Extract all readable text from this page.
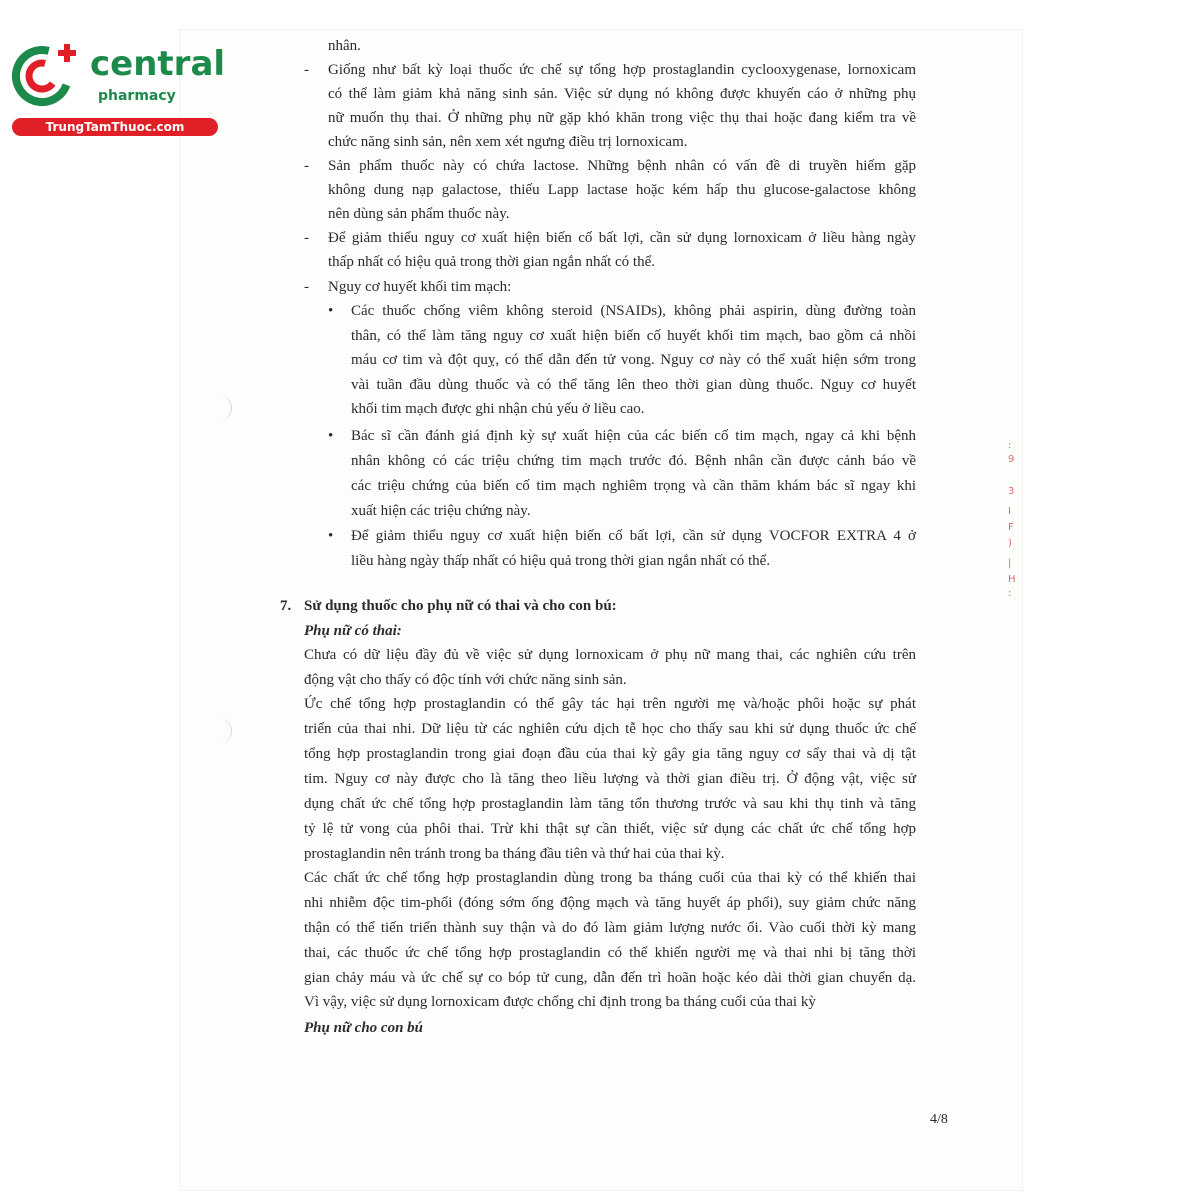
central
pharmacy
TrungTamThuoc.com
nhân.
- Giống như bất kỳ loại thuốc ức chế sự tổng hợp prostaglandin cyclooxygenase, lornoxicam
có thể làm giảm khả năng sinh sản. Việc sử dụng nó không được khuyến cáo ở những phụ
nữ muốn thụ thai. Ở những phụ nữ gặp khó khăn trong việc thụ thai hoặc đang kiểm tra về
chức năng sinh sản, nên xem xét ngưng điều trị lornoxicam.
- Sản phẩm thuốc này có chứa lactose. Những bệnh nhân có vấn đề di truyền hiếm gặp
không dung nạp galactose, thiếu Lapp lactase hoặc kém hấp thu glucose-galactose không
nên dùng sản phẩm thuốc này.
- Để giảm thiểu nguy cơ xuất hiện biến cố bất lợi, cần sử dụng lornoxicam ở liều hàng ngày
thấp nhất có hiệu quả trong thời gian ngắn nhất có thể.
- Nguy cơ huyết khối tim mạch:
• Các thuốc chống viêm không steroid (NSAIDs), không phải aspirin, dùng đường toàn
thân, có thể làm tăng nguy cơ xuất hiện biến cố huyết khối tim mạch, bao gồm cả nhồi
máu cơ tim và đột quỵ, có thể dẫn đến tử vong. Nguy cơ này có thể xuất hiện sớm trong
vài tuần đầu dùng thuốc và có thể tăng lên theo thời gian dùng thuốc. Nguy cơ huyết
khối tim mạch được ghi nhận chủ yếu ở liều cao.
• Bác sĩ cần đánh giá định kỳ sự xuất hiện của các biến cố tim mạch, ngay cả khi bệnh
nhân không có các triệu chứng tim mạch trước đó. Bệnh nhân cần được cảnh báo về
các triệu chứng của biến cố tim mạch nghiêm trọng và cần thăm khám bác sĩ ngay khi
xuất hiện các triệu chứng này.
• Để giảm thiểu nguy cơ xuất hiện biến cố bất lợi, cần sử dụng VOCFOR EXTRA 4 ở
liều hàng ngày thấp nhất có hiệu quả trong thời gian ngắn nhất có thể.
7. Sử dụng thuốc cho phụ nữ có thai và cho con bú:
Phụ nữ có thai:
Chưa có dữ liệu đầy đủ về việc sử dụng lornoxicam ở phụ nữ mang thai, các nghiên cứu trên
động vật cho thấy có độc tính với chức năng sinh sản.
Ức chế tổng hợp prostaglandin có thể gây tác hại trên người mẹ và/hoặc phôi hoặc sự phát
triển của thai nhi. Dữ liệu từ các nghiên cứu dịch tễ học cho thấy sau khi sử dụng thuốc ức chế
tổng hợp prostaglandin trong giai đoạn đầu của thai kỳ gây gia tăng nguy cơ sẩy thai và dị tật
tim. Nguy cơ này được cho là tăng theo liều lượng và thời gian điều trị. Ở động vật, việc sử
dụng chất ức chế tổng hợp prostaglandin làm tăng tổn thương trước và sau khi thụ tinh và tăng
tỷ lệ tử vong của phôi thai. Trừ khi thật sự cần thiết, việc sử dụng các chất ức chế tổng hợp
prostaglandin nên tránh trong ba tháng đầu tiên và thứ hai của thai kỳ.
Các chất ức chế tổng hợp prostaglandin dùng trong ba tháng cuối của thai kỳ có thể khiến thai
nhi nhiễm độc tim-phổi (đóng sớm ống động mạch và tăng huyết áp phổi), suy giảm chức năng
thận có thể tiến triển thành suy thận và do đó làm giảm lượng nước ối. Vào cuối thời kỳ mang
thai, các thuốc ức chế tổng hợp prostaglandin có thể khiến người mẹ và thai nhi bị tăng thời
gian chảy máu và ức chế sự co bóp tử cung, dẫn đến trì hoãn hoặc kéo dài thời gian chuyển dạ.
Vì vậy, việc sử dụng lornoxicam được chống chỉ định trong ba tháng cuối của thai kỳ
Phụ nữ cho con bú
4/8
:
9
3
I
F
)
|
H
:
